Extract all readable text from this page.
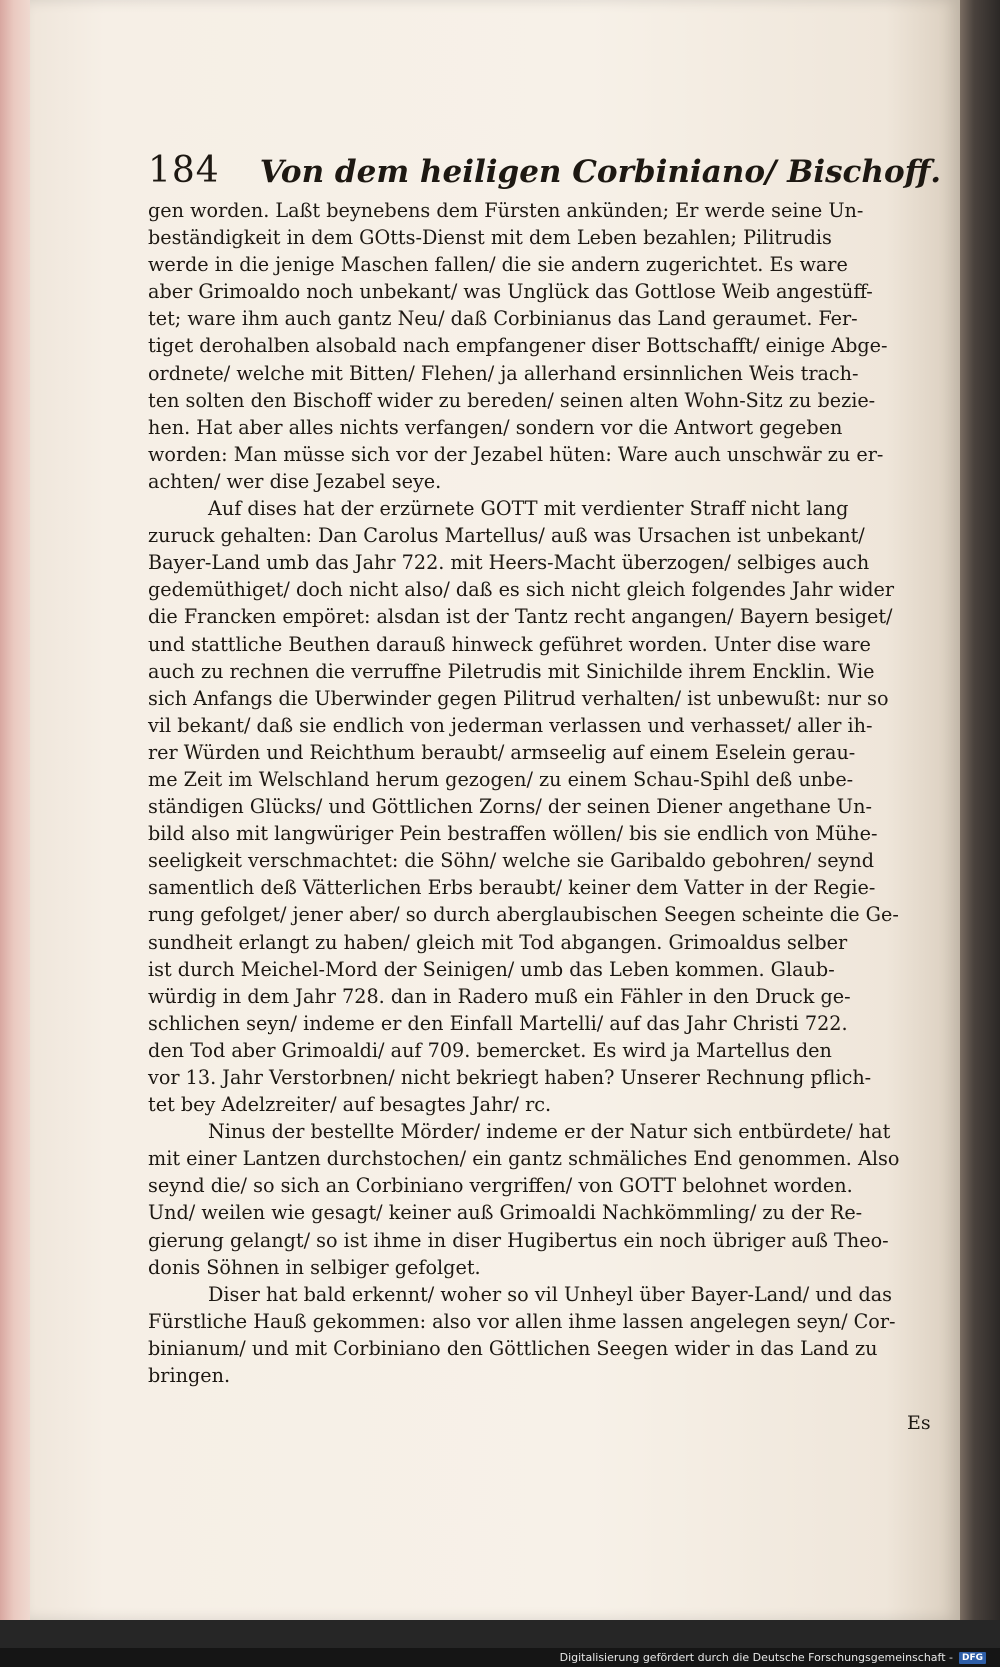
184 Von dem heiligen Corbiniano/ Bischoff.

gen worden. Laßt beynebens dem Fürsten ankünden; Er werde seine Un-
beständigkeit in dem GOtts-Dienst mit dem Leben bezahlen; Pilitrudis
werde in die jenige Maschen fallen/ die sie andern zugerichtet. Es ware
aber Grimoaldo noch unbekant/ was Unglück das Gottlose Weib angestüff-
tet; ware ihm auch gantz Neu/ daß Corbinianus das Land geraumet. Fer-
tiget derohalben alsobald nach empfangener diser Bottschafft/ einige Abge-
ordnete/ welche mit Bitten/ Flehen/ ja allerhand ersinnlichen Weis trach-
ten solten den Bischoff wider zu bereden/ seinen alten Wohn-Sitz zu bezie-
hen. Hat aber alles nichts verfangen/ sondern vor die Antwort gegeben
worden: Man müsse sich vor der Jezabel hüten: Ware auch unschwär zu er-
achten/ wer dise Jezabel seye.

Auf dises hat der erzürnete GOTT mit verdienter Straff nicht lang
zuruck gehalten: Dan Carolus Martellus/ auß was Ursachen ist unbekant/
Bayer-Land umb das Jahr 722. mit Heers-Macht überzogen/ selbiges auch
gedemüthiget/ doch nicht also/ daß es sich nicht gleich folgendes Jahr wider
die Francken empöret: alsdan ist der Tantz recht angangen/ Bayern besiget/
und stattliche Beuthen darauß hinweck geführet worden. Unter dise ware
auch zu rechnen die verruffne Piletrudis mit Sinichilde ihrem Encklin. Wie
sich Anfangs die Uberwinder gegen Pilitrud verhalten/ ist unbewußt: nur so
vil bekant/ daß sie endlich von jederman verlassen und verhasset/ aller ih-
rer Würden und Reichthum beraubt/ armseelig auf einem Eselein gerau-
me Zeit im Welschland herum gezogen/ zu einem Schau-Spihl deß unbe-
ständigen Glücks/ und Göttlichen Zorns/ der seinen Diener angethane Un-
bild also mit langwüriger Pein bestraffen wöllen/ bis sie endlich von Mühe-
seeligkeit verschmachtet: die Söhn/ welche sie Garibaldo gebohren/ seynd
samentlich deß Vätterlichen Erbs beraubt/ keiner dem Vatter in der Regie-
rung gefolget/ jener aber/ so durch aberglaubischen Seegen scheinte die Ge-
sundheit erlangt zu haben/ gleich mit Tod abgangen. Grimoaldus selber
ist durch Meichel-Mord der Seinigen/ umb das Leben kommen. Glaub-
würdig in dem Jahr 728. dan in Radero muß ein Fähler in den Druck ge-
schlichen seyn/ indeme er den Einfall Martelli/ auf das Jahr Christi 722.
den Tod aber Grimoaldi/ auf 709. bemercket. Es wird ja Martellus den
vor 13. Jahr Verstorbnen/ nicht bekriegt haben? Unserer Rechnung pflich-
tet bey Adelzreiter/ auf besagtes Jahr/ rc.

Ninus der bestellte Mörder/ indeme er der Natur sich entbürdete/ hat
mit einer Lantzen durchstochen/ ein gantz schmäliches End genommen. Also
seynd die/ so sich an Corbiniano vergriffen/ von GOTT belohnet worden.
Und/ weilen wie gesagt/ keiner auß Grimoaldi Nachkömmling/ zu der Re-
gierung gelangt/ so ist ihme in diser Hugibertus ein noch übriger auß Theo-
donis Söhnen in selbiger gefolget.

Diser hat bald erkennt/ woher so vil Unheyl über Bayer-Land/ und das
Fürstliche Hauß gekommen: also vor allen ihme lassen angelegen seyn/ Cor-
binianum/ und mit Corbiniano den Göttlichen Seegen wider in das Land zu
bringen.

Es
Digitalisierung gefördert durch die Deutsche Forschungsgemeinschaft -	DFG
